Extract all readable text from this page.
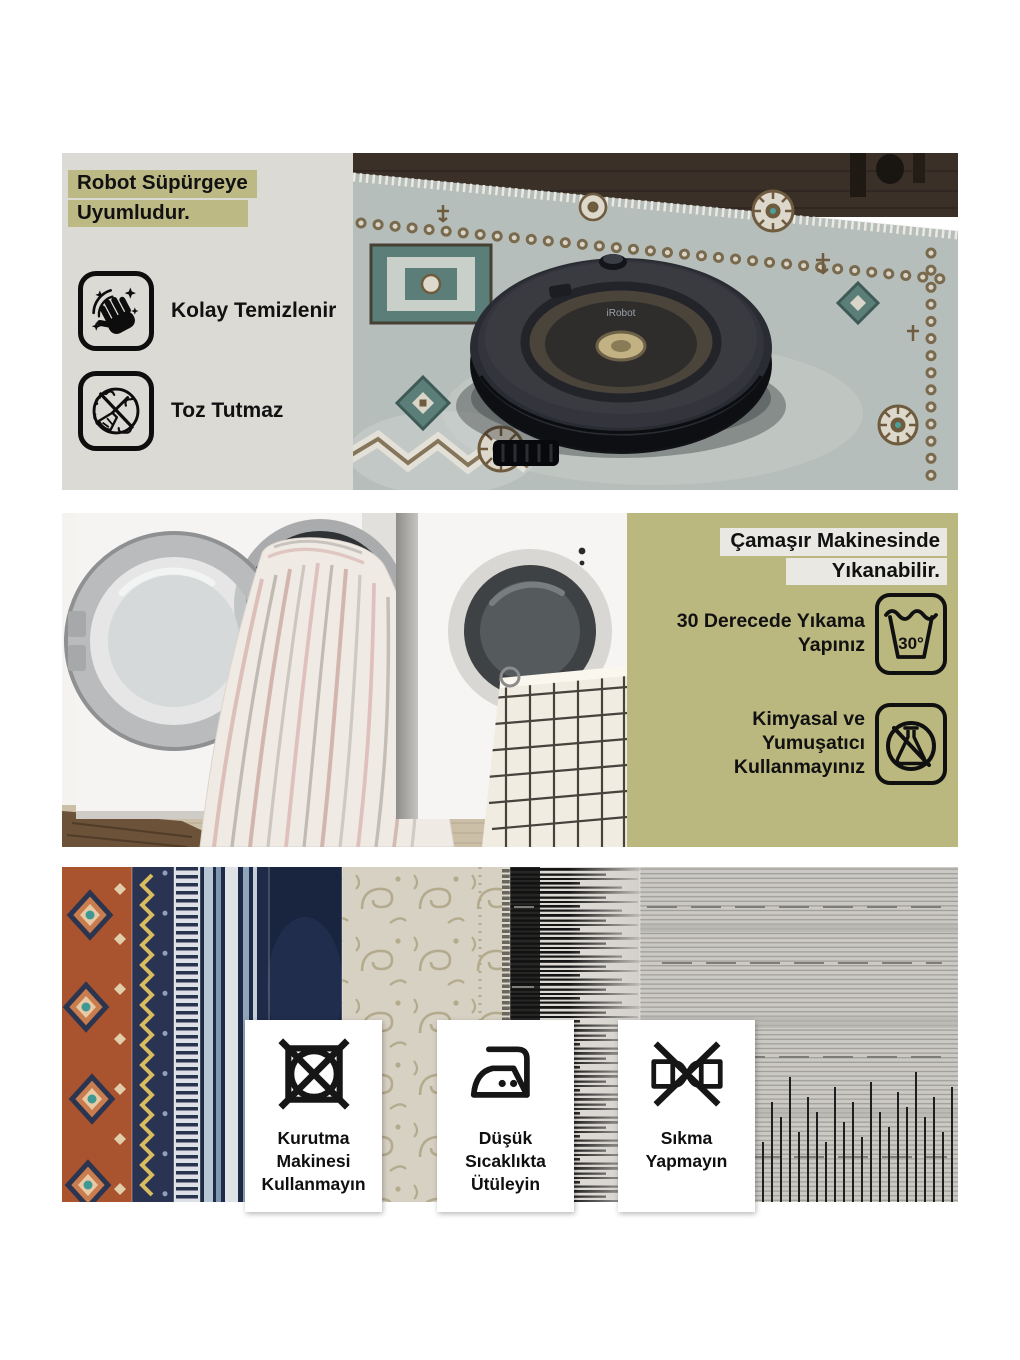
Robot Süpürgeye
Uyumludur.
Kolay Temizlenir
Toz Tutmaz
iRobot
Çamaşır Makinesinde
Yıkanabilir.
30 Derecede Yıkama
Yapınız 30°
Kimyasal ve
Yumuşatıcı
Kullanmayınız
Kurutma
Makinesi
Kullanmayın
Düşük
Sıcaklıkta
Ütüleyin
Sıkma
Yapmayın
